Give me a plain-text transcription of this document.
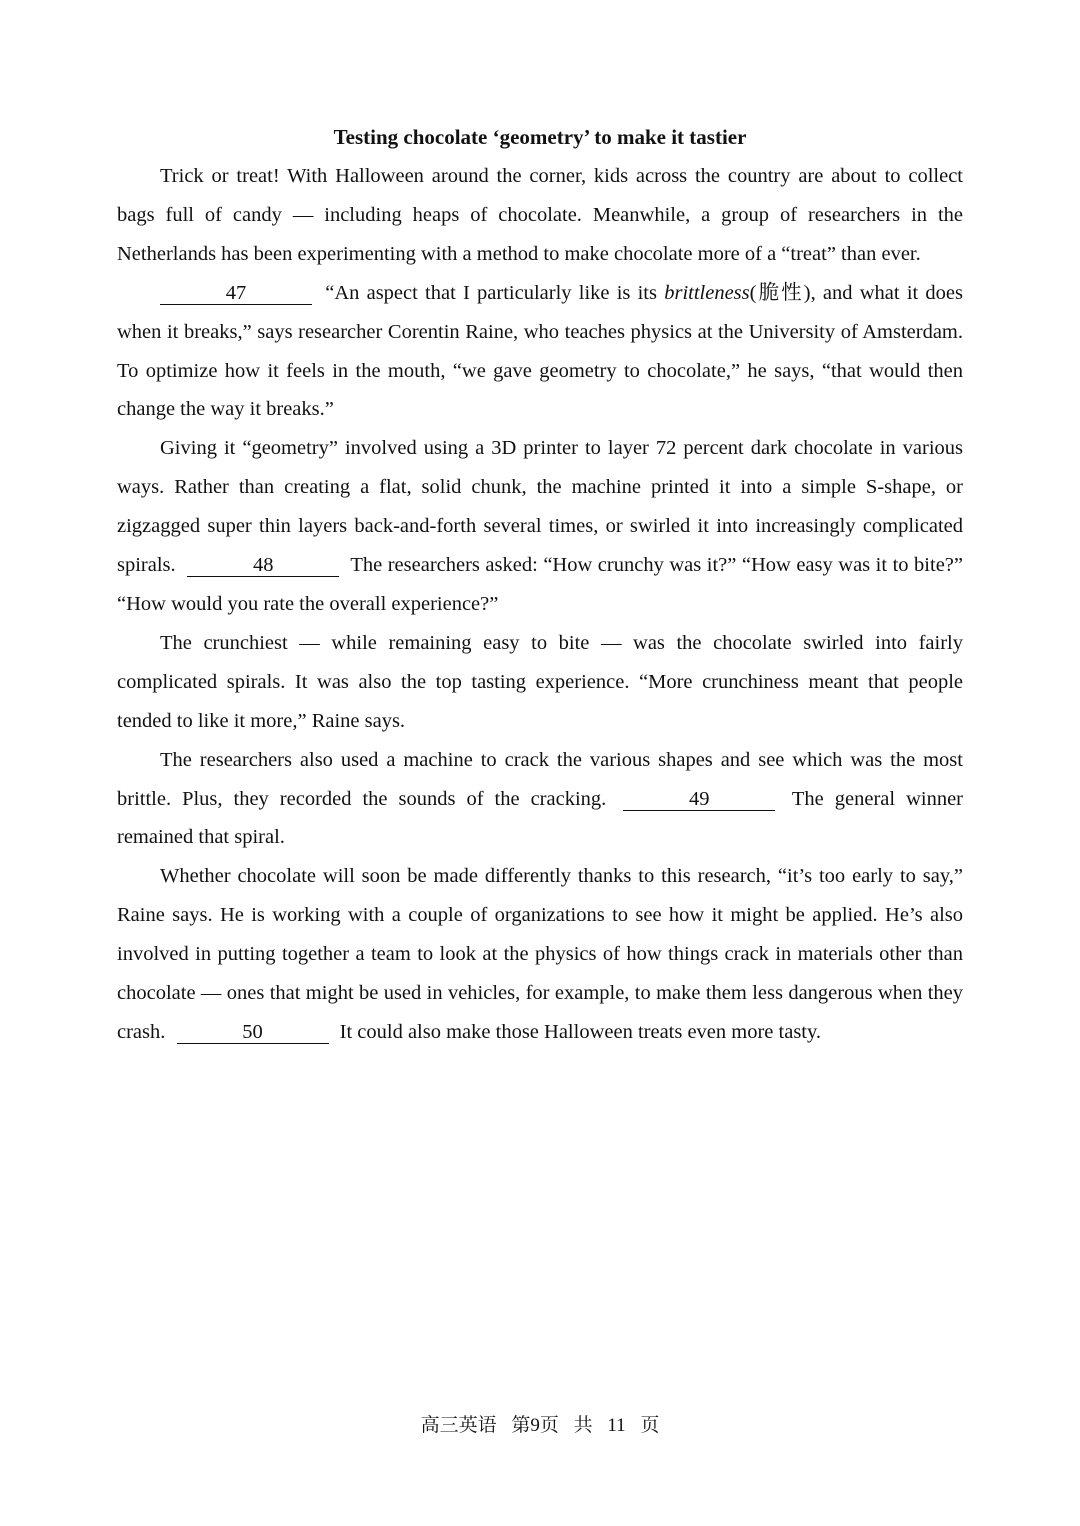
Testing chocolate ‘geometry’ to make it tastier

Trick or treat! With Halloween around the corner, kids across the country are about to collect bags full of candy — including heaps of chocolate. Meanwhile, a group of researchers in the Netherlands has been experimenting with a method to make chocolate more of a “treat” than ever.

47	“An aspect that I particularly like is its brittleness(脆性), and what it does when it breaks,” says researcher Corentin Raine, who teaches physics at the University of Amsterdam. To optimize how it feels in the mouth, “we gave geometry to chocolate,” he says, “that would then change the way it breaks.”

Giving it “geometry” involved using a 3D printer to layer 72 percent dark chocolate in various ways. Rather than creating a flat, solid chunk, the machine printed it into a simple S-shape, or zigzagged super thin layers back-and-forth several times, or swirled it into increasingly complicated spirals.	48	The researchers asked: “How crunchy was it?” “How easy was it to bite?” “How would you rate the overall experience?”

The crunchiest — while remaining easy to bite — was the chocolate swirled into fairly complicated spirals. It was also the top tasting experience. “More crunchiness meant that people tended to like it more,” Raine says.

The researchers also used a machine to crack the various shapes and see which was the most brittle. Plus, they recorded the sounds of the cracking.	49	The general winner remained that spiral.

Whether chocolate will soon be made differently thanks to this research, “it’s too early to say,” Raine says. He is working with a couple of organizations to see how it might be applied. He’s also involved in putting together a team to look at the physics of how things crack in materials other than chocolate — ones that might be used in vehicles, for example, to make them less dangerous when they crash.	50	It could also make those Halloween treats even more tasty.

高三英语 第9页 共 11 页
